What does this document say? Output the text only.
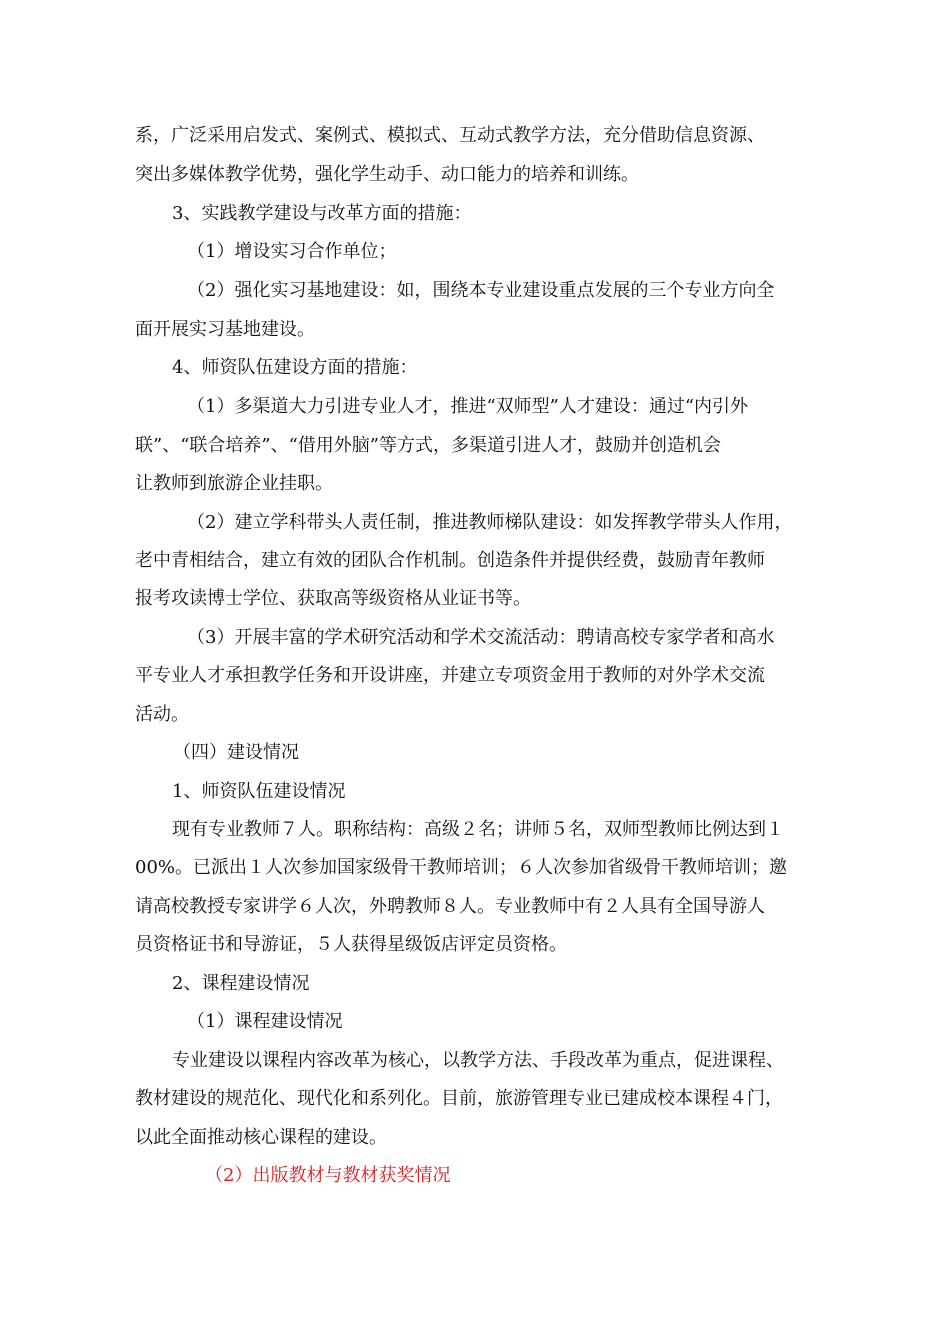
系，广泛采用启发式、案例式、模拟式、互动式教学方法，充分借助信息资源、
突出多媒体教学优势，强化学生动手、动口能力的培养和训练。
3、实践教学建设与改革方面的措施：
（1）增设实习合作单位；
（2）强化实习基地建设：如，围绕本专业建设重点发展的三个专业方向全
面开展实习基地建设。
4、师资队伍建设方面的措施：
（1）多渠道大力引进专业人才，推进“双师型”人才建设：通过“内引外
联”、“联合培养”、“借用外脑”等方式，多渠道引进人才，鼓励并创造机会
让教师到旅游企业挂职。
（2）建立学科带头人责任制，推进教师梯队建设：如发挥教学带头人作用，
老中青相结合，建立有效的团队合作机制。创造条件并提供经费，鼓励青年教师
报考攻读博士学位、获取高等级资格从业证书等。
（3）开展丰富的学术研究活动和学术交流活动：聘请高校专家学者和高水
平专业人才承担教学任务和开设讲座，并建立专项资金用于教师的对外学术交流
活动。
（四）建设情况
1、师资队伍建设情况
现有专业教师７人。职称结构：高级２名；讲师５名，双师型教师比例达到１
00%。已派出１人次参加国家级骨干教师培训；６人次参加省级骨干教师培训；邀
请高校教授专家讲学６人次，外聘教师８人。专业教师中有２人具有全国导游人
员资格证书和导游证，５人获得星级饭店评定员资格。
2、课程建设情况
（1）课程建设情况
专业建设以课程内容改革为核心，以教学方法、手段改革为重点，促进课程、
教材建设的规范化、现代化和系列化。目前，旅游管理专业已建成校本课程４门，
以此全面推动核心课程的建设。
（2）出版教材与教材获奖情况
